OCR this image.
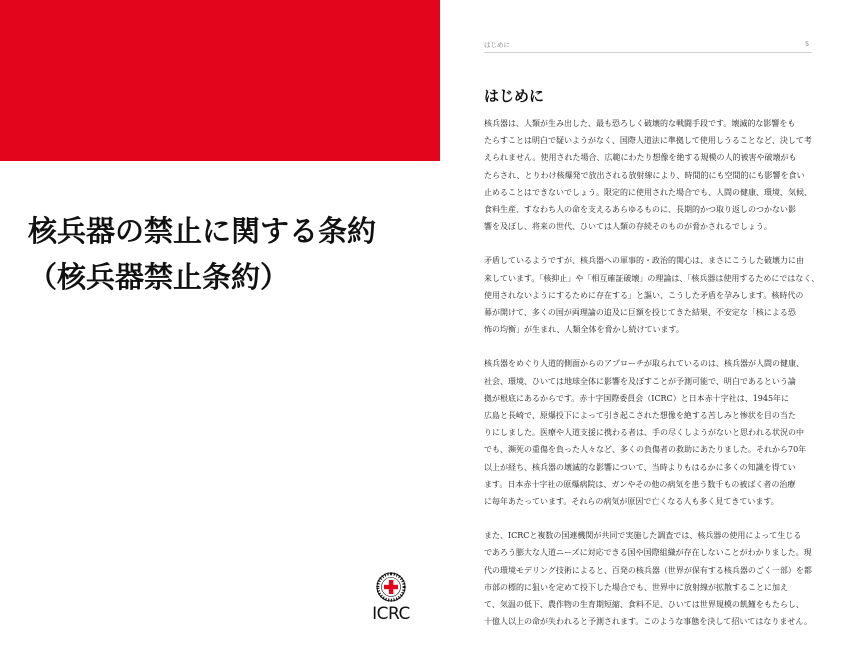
核兵器の禁止に関する条約
（核兵器禁止条約）
ICRC
はじめに	5
はじめに

核兵器は、人類が生み出した、最も恐ろしく破壊的な戦闘手段です。壊滅的な影響をも
たらすことは明白で疑いようがなく、国際人道法に準拠して使用しうることなど、決して考
えられません。使用された場合、広範にわたり想像を絶する規模の人的被害や破壊がも
たらされ、とりわけ核爆発で放出される放射線により、時間的にも空間的にも影響を食い
止めることはできないでしょう。限定的に使用された場合でも、人間の健康、環境、気候、
食料生産、すなわち人の命を支えるあらゆるものに、長期的かつ取り返しのつかない影
響を及ぼし、将来の世代、ひいては人類の存続そのものが脅かされるでしょう。

矛盾しているようですが、核兵器への軍事的・政治的関心は、まさにこうした破壊力に由
来しています。「核抑止」や「相互確証破壊」の理論は、「核兵器は使用するためにではなく、
使用されないようにするために存在する」と謳い、こうした矛盾を孕みします。核時代の
幕が開けて、多くの国が両理論の追及に巨額を投じてきた結果、不安定な「核による恐
怖の均衡」が生まれ、人類全体を脅かし続けています。

核兵器をめぐり人道的側面からのアプローチが取られているのは、核兵器が人間の健康、
社会、環境、ひいては地球全体に影響を及ぼすことが予測可能で、明白であるという論
拠が根底にあるからです。赤十字国際委員会（ICRC）と日本赤十字社は、1945年に
広島と長崎で、原爆投下によって引き起こされた想像を絶する苦しみと惨状を目の当た
りにしました。医療や人道支援に携わる者は、手の尽くしようがないと思われる状況の中
でも、瀕死の重傷を負った人々など、多くの負傷者の救助にあたりました。それから70年
以上が経ち、核兵器の壊滅的な影響について、当時よりもはるかに多くの知識を得てい
ます。日本赤十字社の原爆病院は、ガンやその他の病気を患う数千もの被ばく者の治療
に毎年あたっています。それらの病気が原因で亡くなる人も多く見てきています。

また、ICRCと複数の国連機関が共同で実施した調査では、核兵器の使用によって生じる
であろう膨大な人道ニーズに対応できる国や国際組織が存在しないことがわかりました。現
代の環境モデリング技術によると、百発の核兵器（世界が保有する核兵器のごく一部）を都
市部の標的に狙いを定めて投下した場合でも、世界中に放射線が拡散することに加え
て、気温の低下、農作物の生育期短縮、食料不足、ひいては世界規模の飢饉をもたらし、
十億人以上の命が失われると予測されます。このような事態を決して招いてはなりません。
